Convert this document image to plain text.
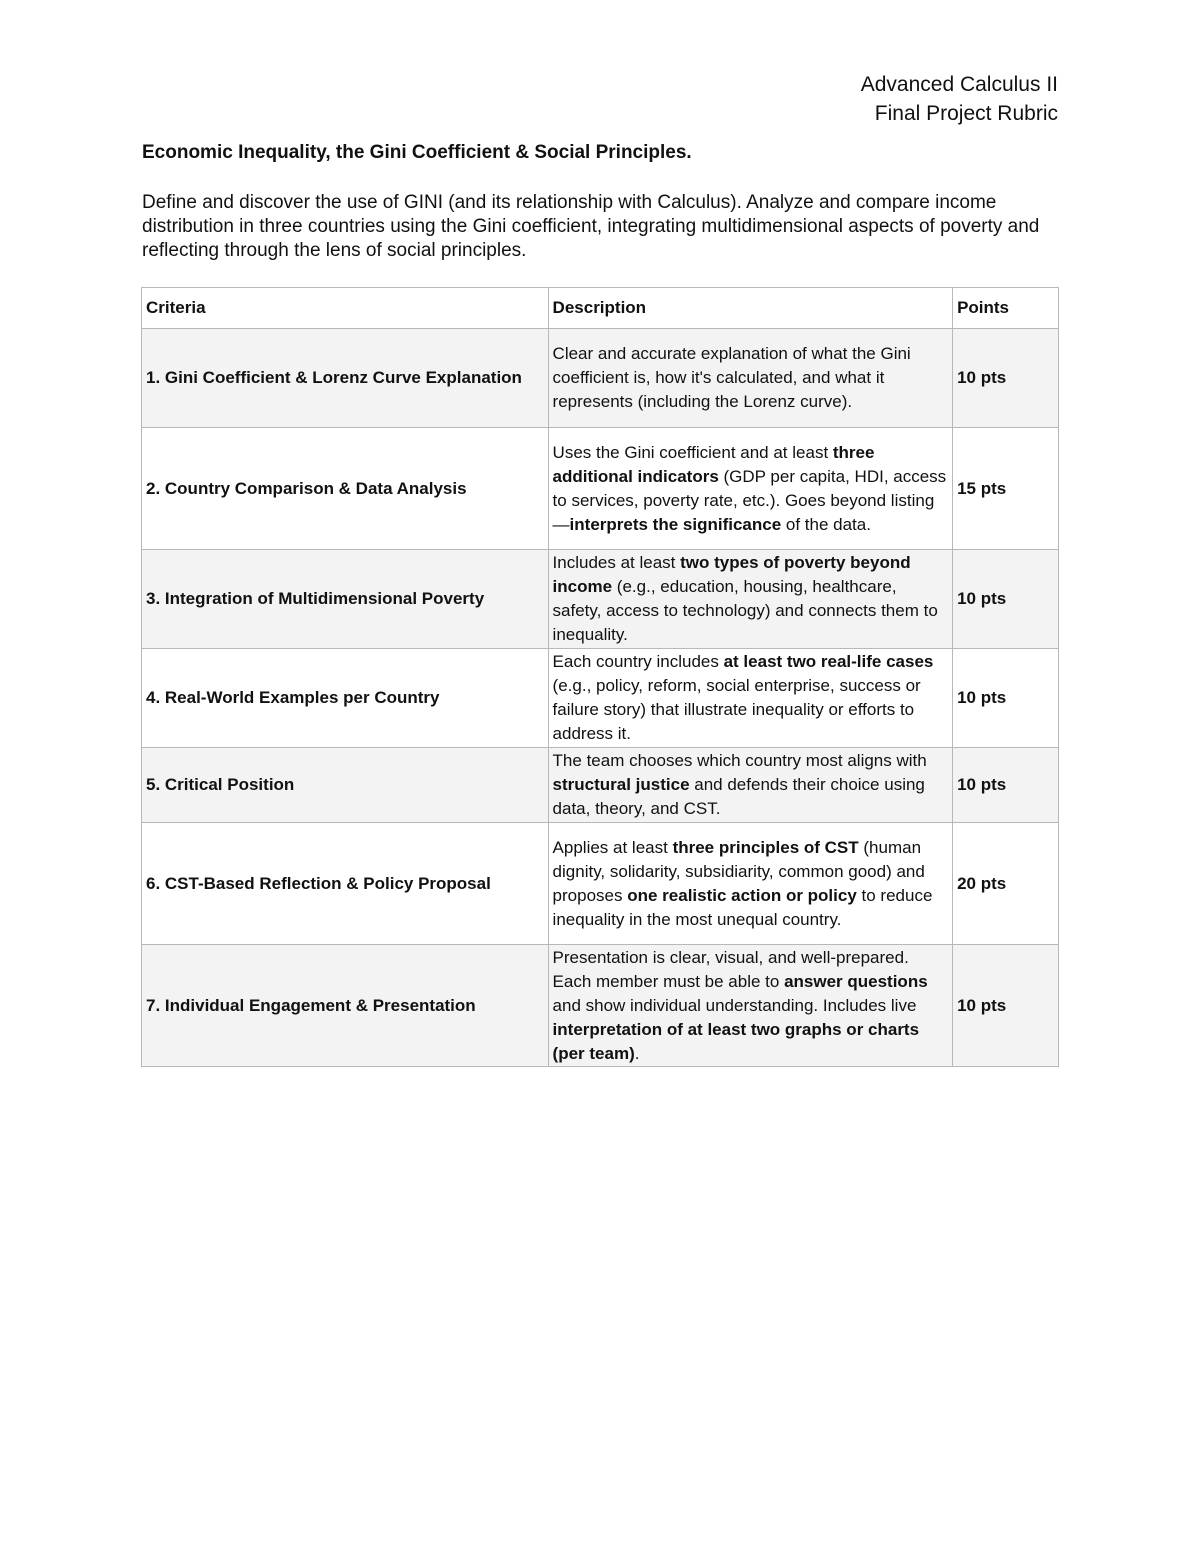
Advanced Calculus II
Final Project Rubric
Economic Inequality, the Gini Coefficient & Social Principles.

Define and discover the use of GINI (and its relationship with Calculus). Analyze and compare income distribution in three countries using the Gini coefficient, integrating multidimensional aspects of poverty and reflecting through the lens of social principles.

Criteria	Description	Points
1. Gini Coefficient & Lorenz Curve Explanation	Clear and accurate explanation of what the Gini coefficient is, how it's calculated, and what it represents (including the Lorenz curve).	10 pts
2. Country Comparison & Data Analysis	Uses the Gini coefficient and at least three additional indicators (GDP per capita, HDI, access to services, poverty rate, etc.). Goes beyond listing—interprets the significance of the data.	15 pts
3. Integration of Multidimensional Poverty	Includes at least two types of poverty beyond income (e.g., education, housing, healthcare, safety, access to technology) and connects them to inequality.	10 pts
4. Real-World Examples per Country	Each country includes at least two real-life cases (e.g., policy, reform, social enterprise, success or failure story) that illustrate inequality or efforts to address it.	10 pts
5. Critical Position	The team chooses which country most aligns with structural justice and defends their choice using data, theory, and CST.	10 pts
6. CST-Based Reflection & Policy Proposal	Applies at least three principles of CST (human dignity, solidarity, subsidiarity, common good) and proposes one realistic action or policy to reduce inequality in the most unequal country.	20 pts
7. Individual Engagement & Presentation	Presentation is clear, visual, and well-prepared. Each member must be able to answer questions and show individual understanding. Includes live interpretation of at least two graphs or charts (per team).	10 pts
